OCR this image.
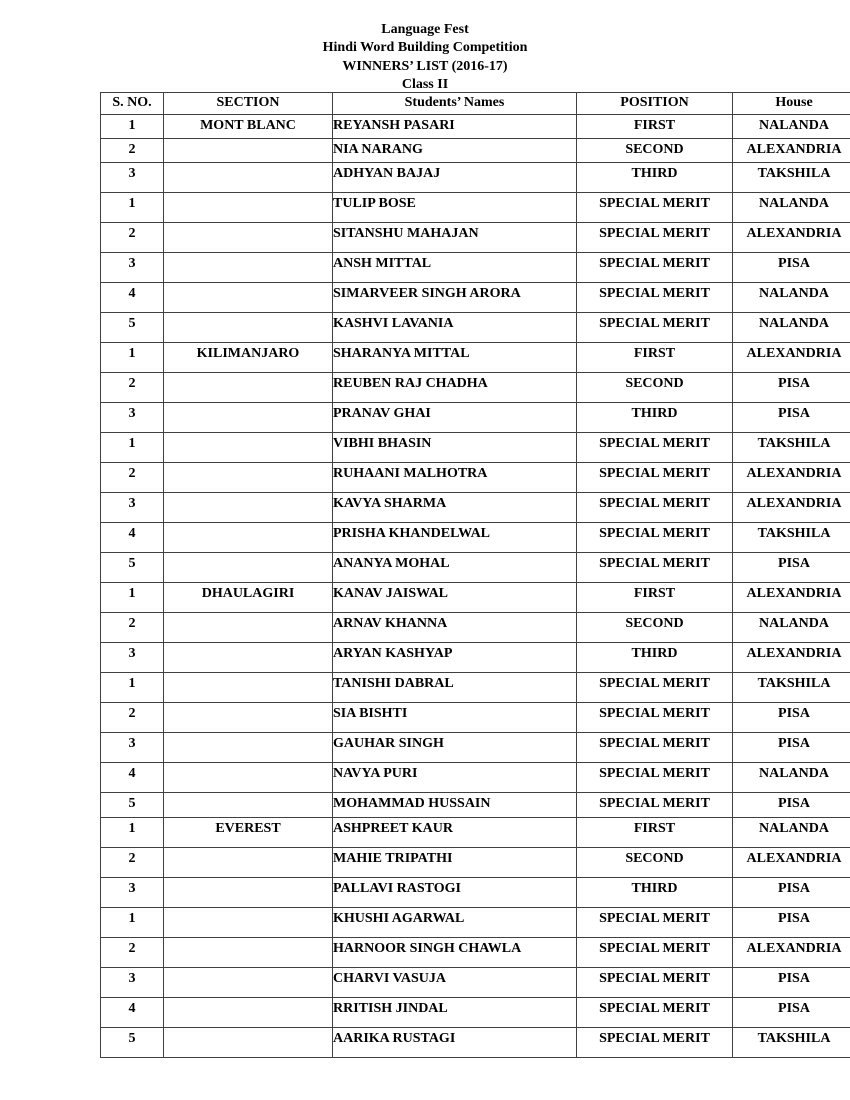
Language Fest
Hindi Word Building Competition
WINNERS’ LIST (2016-17)
Class II
S. NO.	SECTION	Students’ Names	POSITION	House
1	MONT BLANC	REYANSH PASARI	FIRST	NALANDA
2		NIA NARANG	SECOND	ALEXANDRIA
3		ADHYAN BAJAJ	THIRD	TAKSHILA
1		TULIP BOSE	SPECIAL MERIT	NALANDA
2		SITANSHU MAHAJAN	SPECIAL MERIT	ALEXANDRIA
3		ANSH MITTAL	SPECIAL MERIT	PISA
4		SIMARVEER SINGH ARORA	SPECIAL MERIT	NALANDA
5		KASHVI LAVANIA	SPECIAL MERIT	NALANDA
1	KILIMANJARO	SHARANYA MITTAL	FIRST	ALEXANDRIA
2		REUBEN RAJ CHADHA	SECOND	PISA
3		PRANAV GHAI	THIRD	PISA
1		VIBHI BHASIN	SPECIAL MERIT	TAKSHILA
2		RUHAANI MALHOTRA	SPECIAL MERIT	ALEXANDRIA
3		KAVYA SHARMA	SPECIAL MERIT	ALEXANDRIA
4		PRISHA KHANDELWAL	SPECIAL MERIT	TAKSHILA
5		ANANYA MOHAL	SPECIAL MERIT	PISA
1	DHAULAGIRI	KANAV JAISWAL	FIRST	ALEXANDRIA
2		ARNAV KHANNA	SECOND	NALANDA
3		ARYAN KASHYAP	THIRD	ALEXANDRIA
1		TANISHI DABRAL	SPECIAL MERIT	TAKSHILA
2		SIA BISHTI	SPECIAL MERIT	PISA
3		GAUHAR SINGH	SPECIAL MERIT	PISA
4		NAVYA PURI	SPECIAL MERIT	NALANDA
5		MOHAMMAD HUSSAIN	SPECIAL MERIT	PISA
1	EVEREST	ASHPREET KAUR	FIRST	NALANDA
2		MAHIE TRIPATHI	SECOND	ALEXANDRIA
3		PALLAVI RASTOGI	THIRD	PISA
1		KHUSHI AGARWAL	SPECIAL MERIT	PISA
2		HARNOOR SINGH CHAWLA	SPECIAL MERIT	ALEXANDRIA
3		CHARVI VASUJA	SPECIAL MERIT	PISA
4		RRITISH JINDAL	SPECIAL MERIT	PISA
5		AARIKA RUSTAGI	SPECIAL MERIT	TAKSHILA
